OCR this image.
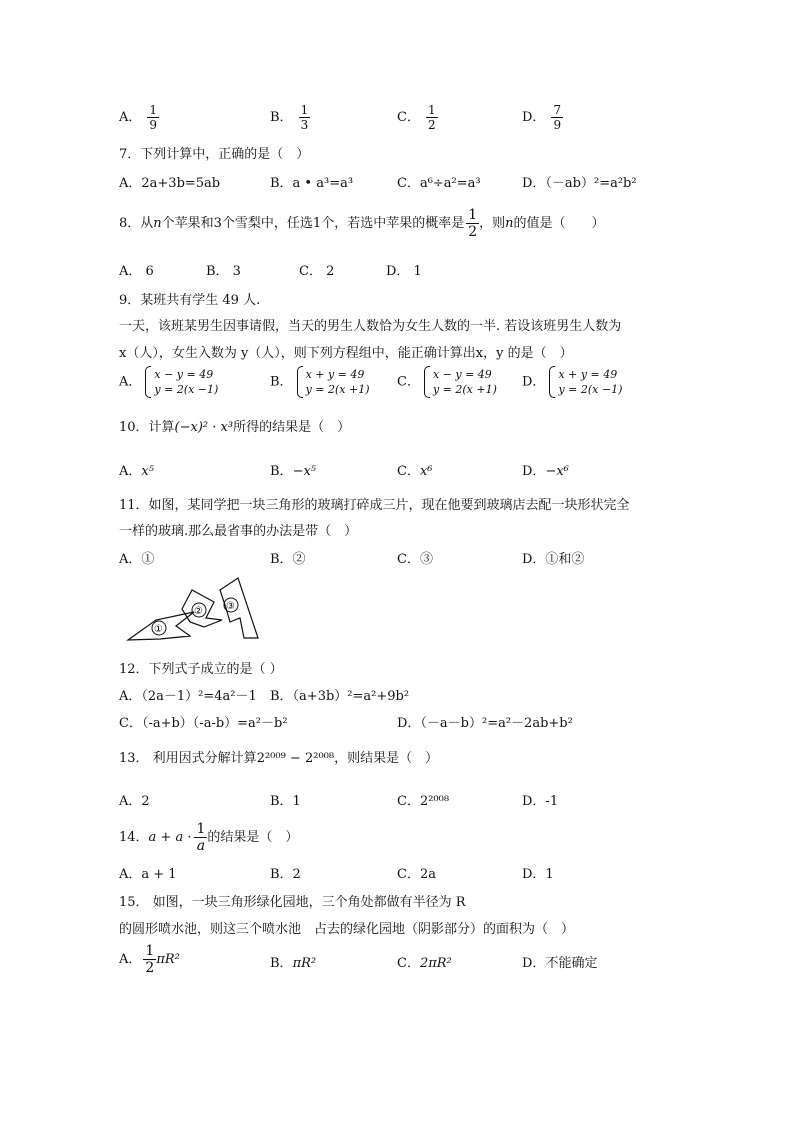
A． $\frac{1}{9}$	B． $\frac{1}{3}$	C． $\frac{1}{2}$	D． $\frac{7}{9}$
7．下列计算中，正确的是（　）
A．2a+3b=5ab	B．a • a³=a³	C．a⁶÷a²=a³	D．（－ab）²=a²b²
8．从n个苹果和3个雪梨中，任选1个，若选中苹果的概率是 $\frac{1}{2}$ ，则n的值是（　　）
A． 6	B． 3	C． 2	D． 1
9．某班共有学生 49 人.
一天，该班某男生因事请假，当天的男生人数恰为女生人数的一半. 若设该班男生人数为
x（人），女生入数为 y（人），则下列方程组中，能正确计算出x，y 的是（　）
A． x − y = 49
y = 2(x −1)	B． x + y = 49
y = 2(x +1) C． x − y = 49
y = 2(x +1) D． x + y = 49
y = 2(x −1)
10．计算(−x)² · x³所得的结果是（　）
A．x⁵	B．−x⁵	C．x⁶	D．−x⁶
11．如图，某同学把一块三角形的玻璃打碎成三片，现在他要到玻璃店去配一块形状完全
一样的玻璃.那么最省事的办法是带（　）
A．①	B．②	C．③	D．①和②
①
② ③
12．下列式子成立的是（ ）
A．（2a－1）²=4a²－1 B．（a+3b）²=a²+9b²
C．（-a+b）（-a-b）=a²－b²	D．（－a－b）²=a²－2ab+b²
13． 利用因式分解计算2²⁰⁰⁹ − 2²⁰⁰⁸，则结果是（　）
A．2	B．1	C．2²⁰⁰⁸	D．-1
14．$a + a \cdot \frac{1}{a}$ 的结果是（　）
A．a + 1	B．2	C．2a	D．1
15． 如图，一块三角形绿化园地，三个角处都做有半径为 R
的圆形喷水池，则这三个喷水池　占去的绿化园地（阴影部分）的面积为（　）
A． $\frac{1}{2} \pi R^2$	B．πR²	C．2πR²	D．不能确定
